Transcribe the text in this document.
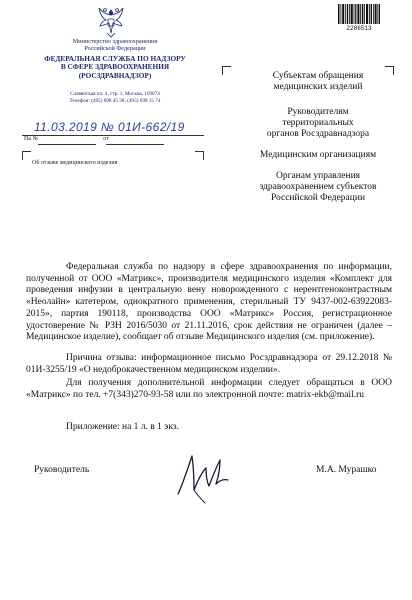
Министерство здравоохранения
Российской Федерации
ФЕДЕРАЛЬНАЯ СЛУЖБА ПО НАДЗОРУ
В СФЕРЕ ЗДРАВООХРАНЕНИЯ
(РОСЗДРАВНАДЗОР)
Славянская пл. 4, стр. 1, Москва, 109074
Телефон: (495) 698 45 38; (495) 698 15 74
11.03.2019 № 01И-662/19
На №	от
Об отзыве медицинского изделия
2286513
Субъектам обращения
медицинских изделий
Руководителям
территориальных
органов Росздравнадзора
Медицинским организациям
Органам управления
здравоохранением субъектов
Российской Федерации
Федеральная служба по надзору в сфере здравоохранения по информации, полученной от ООО «Матрикс», производителя медицинского изделия «Комплект для проведения инфузии в центральную вену новорожденного с нерентгеноконтрастным «Неолайн» катетером, однократного применения, стерильный ТУ 9437-002-63922083-2015», партия 190118, производства ООО «Матрикс» Россия, регистрационное удостоверение № РЗН 2016/5030 от 21.11.2016, срок действия не ограничен (далее – Медицинское изделие), сообщает об отзыве Медицинского изделия (см. приложение).
Причина отзыва: информационное письмо Росздравнадзора от 29.12.2018 № 01И-3255/19 «О недоброкачественном медицинском изделии».
Для получения дополнительной информации следует обращаться в ООО «Матрикс» по тел. +7(343)270-93-58 или по электронной почте: matrix-ekb@mail.ru
Приложение: на 1 л. в 1 экз.
Руководитель	М.А. Мурашко
